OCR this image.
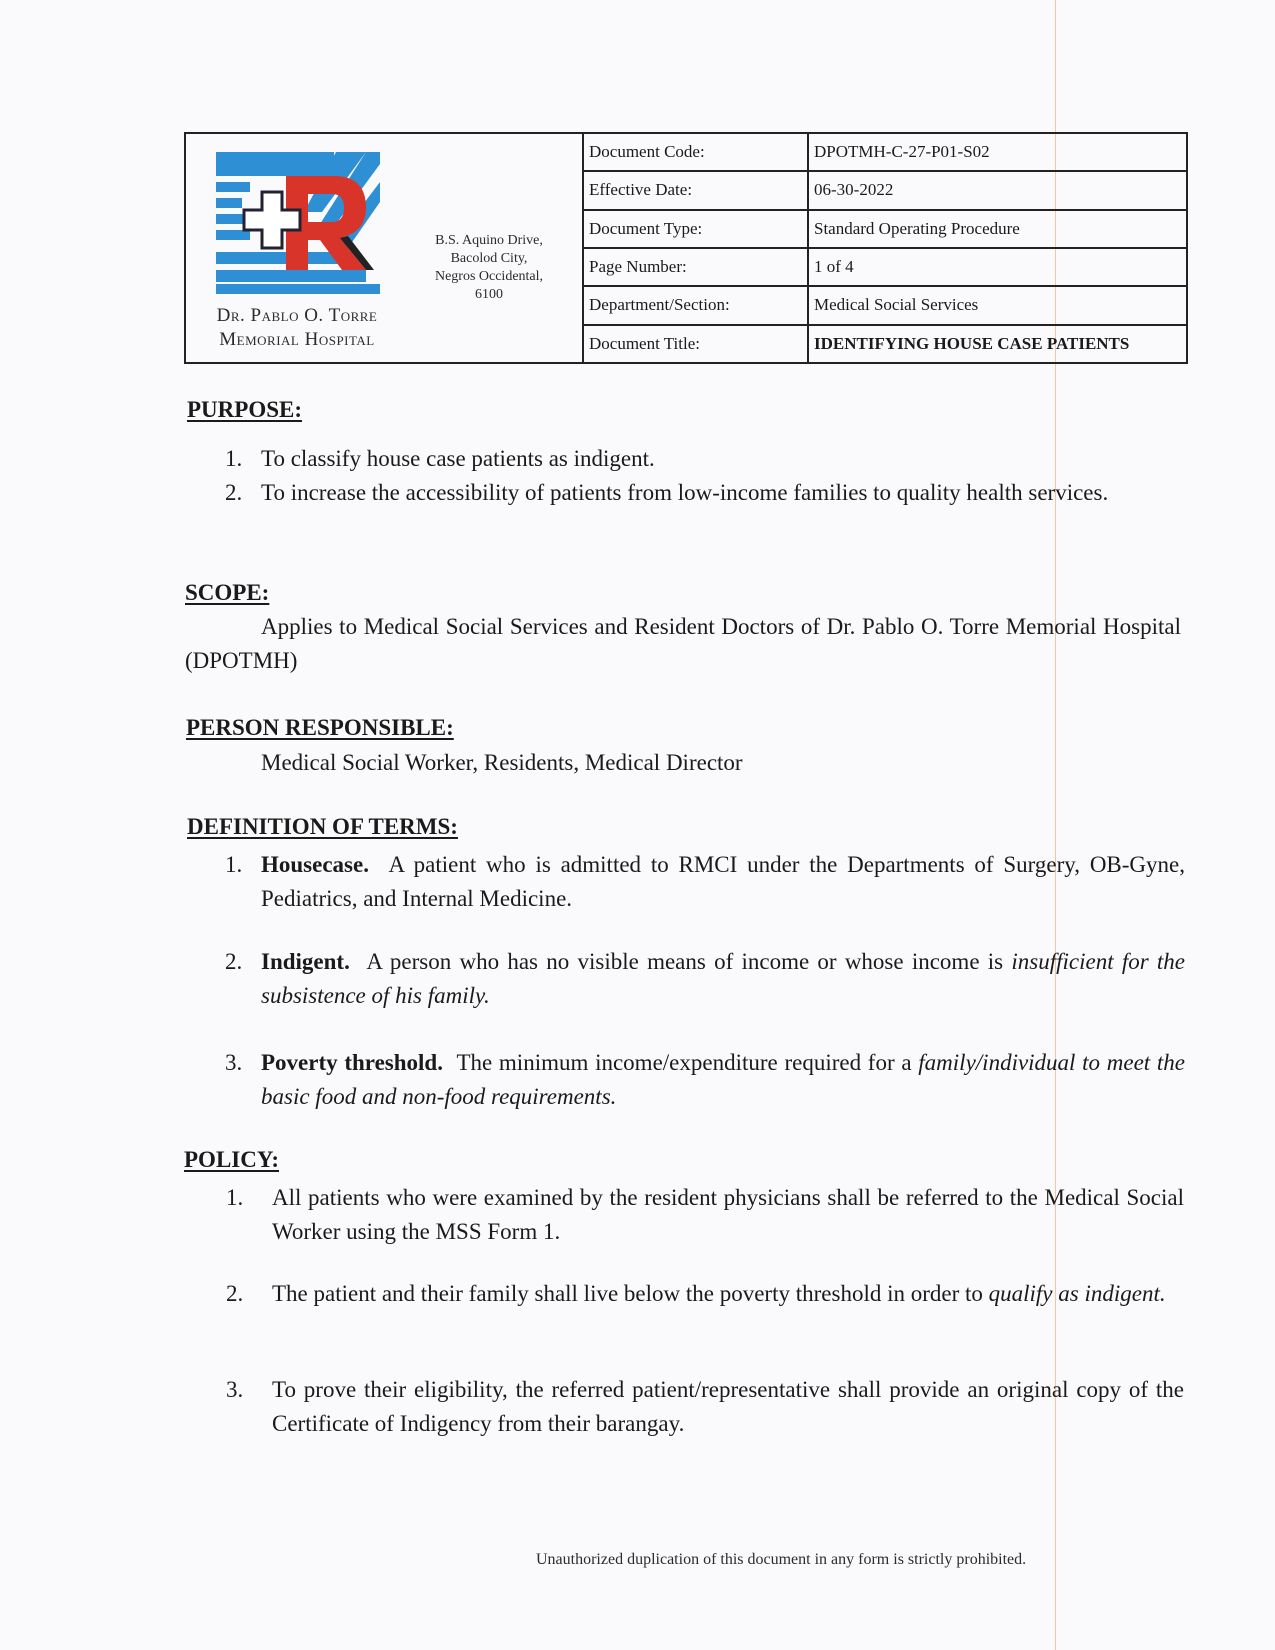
Dr. Pablo O. Torre
Memorial Hospital
B.S. Aquino Drive,
Bacolod City,
Negros Occidental,
6100
Document Code:	DPOTMH-C-27-P01-S02
Effective Date:	06-30-2022
Document Type:	Standard Operating Procedure
Page Number:	1 of 4
Department/Section:	Medical Social Services
Document Title:	IDENTIFYING HOUSE CASE PATIENTS
PURPOSE:
1. To classify house case patients as indigent.
2. To increase the accessibility of patients from low-income families to quality health services.
SCOPE:
Applies to Medical Social Services and Resident Doctors of Dr. Pablo O. Torre Memorial Hospital (DPOTMH)
PERSON RESPONSIBLE:
Medical Social Worker, Residents, Medical Director
DEFINITION OF TERMS:
1. Housecase. A patient who is admitted to RMCI under the Departments of Surgery, OB-Gyne, Pediatrics, and Internal Medicine.
2. Indigent. A person who has no visible means of income or whose income is insufficient for the subsistence of his family.
3. Poverty threshold. The minimum income/expenditure required for a family/individual to meet the basic food and non-food requirements.
POLICY:
1. All patients who were examined by the resident physicians shall be referred to the Medical Social Worker using the MSS Form 1.
2. The patient and their family shall live below the poverty threshold in order to qualify as indigent.
3. To prove their eligibility, the referred patient/representative shall provide an original copy of the Certificate of Indigency from their barangay.
Unauthorized duplication of this document in any form is strictly prohibited.
